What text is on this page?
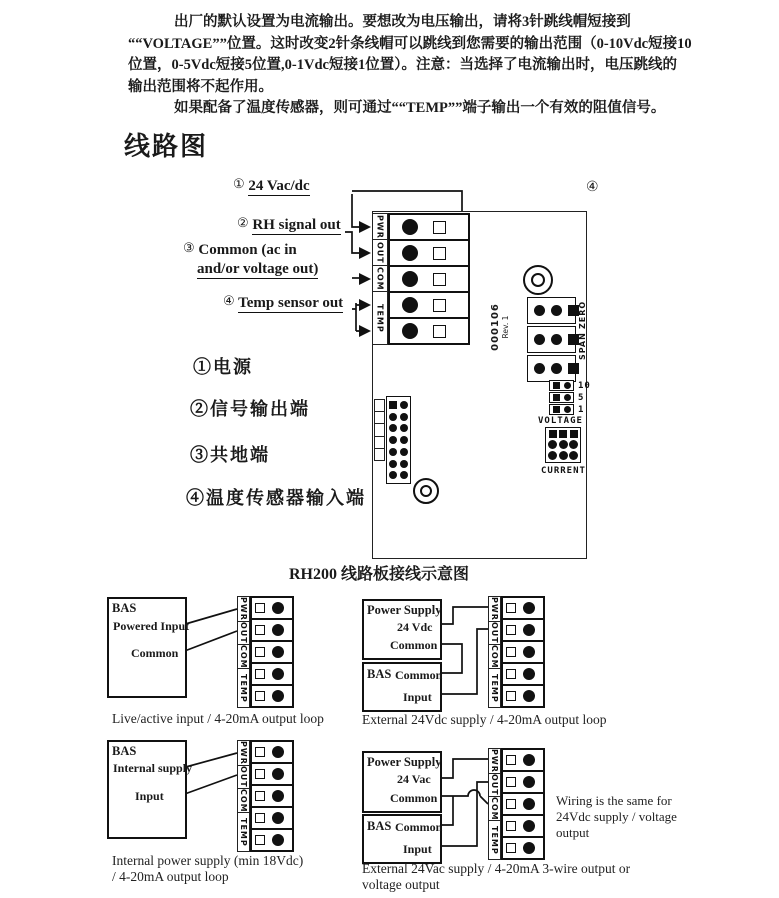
出厂的默认设置为电流输出。要想改为电压输出，请将3针跳线帽短接到
““VOLTAGE””位置。这时改变2针条线帽可以跳线到您需要的输出范围（0-10Vdc短接10
位置，0-5Vdc短接5位置,0-1Vdc短接1位置）。注意：当选择了电流输出时，电压跳线的
输出范围将不起作用。
如果配备了温度传感器，则可通过““TEMP””端子输出一个有效的阻值信号。
线路图
① 24 Vac/dc
② RH signal out
③ Common (ac in
and/or voltage out)
④ Temp sensor out
①电源
②信号输出端
③共地端
④温度传感器输入端
④
PWR
OUT
COM
TEMP	000106 Rev. 1	ZERO
SPAN
10
5
1
VOLTAGE
CURRENT
RH200 线路板接线示意图
BAS
Powered Input
Common
PWR
OUT
COM
TEMP
Live/active input / 4-20mA output loop
Power Supply
24 Vdc
Common
BAS Common
Input
PWR
OUT
COM
TEMP
External 24Vdc supply / 4-20mA output loop
BAS
Internal supply
Input
PWR
OUT
COM
TEMP
Internal power supply (min 18Vdc)
/ 4-20mA output loop
Power Supply
24 Vac
Common
BAS Common
Input
PWR
OUT
COM
TEMP
Wiring is the same for
24Vdc supply / voltage
output
External 24Vac supply / 4-20mA 3-wire output or
voltage output
